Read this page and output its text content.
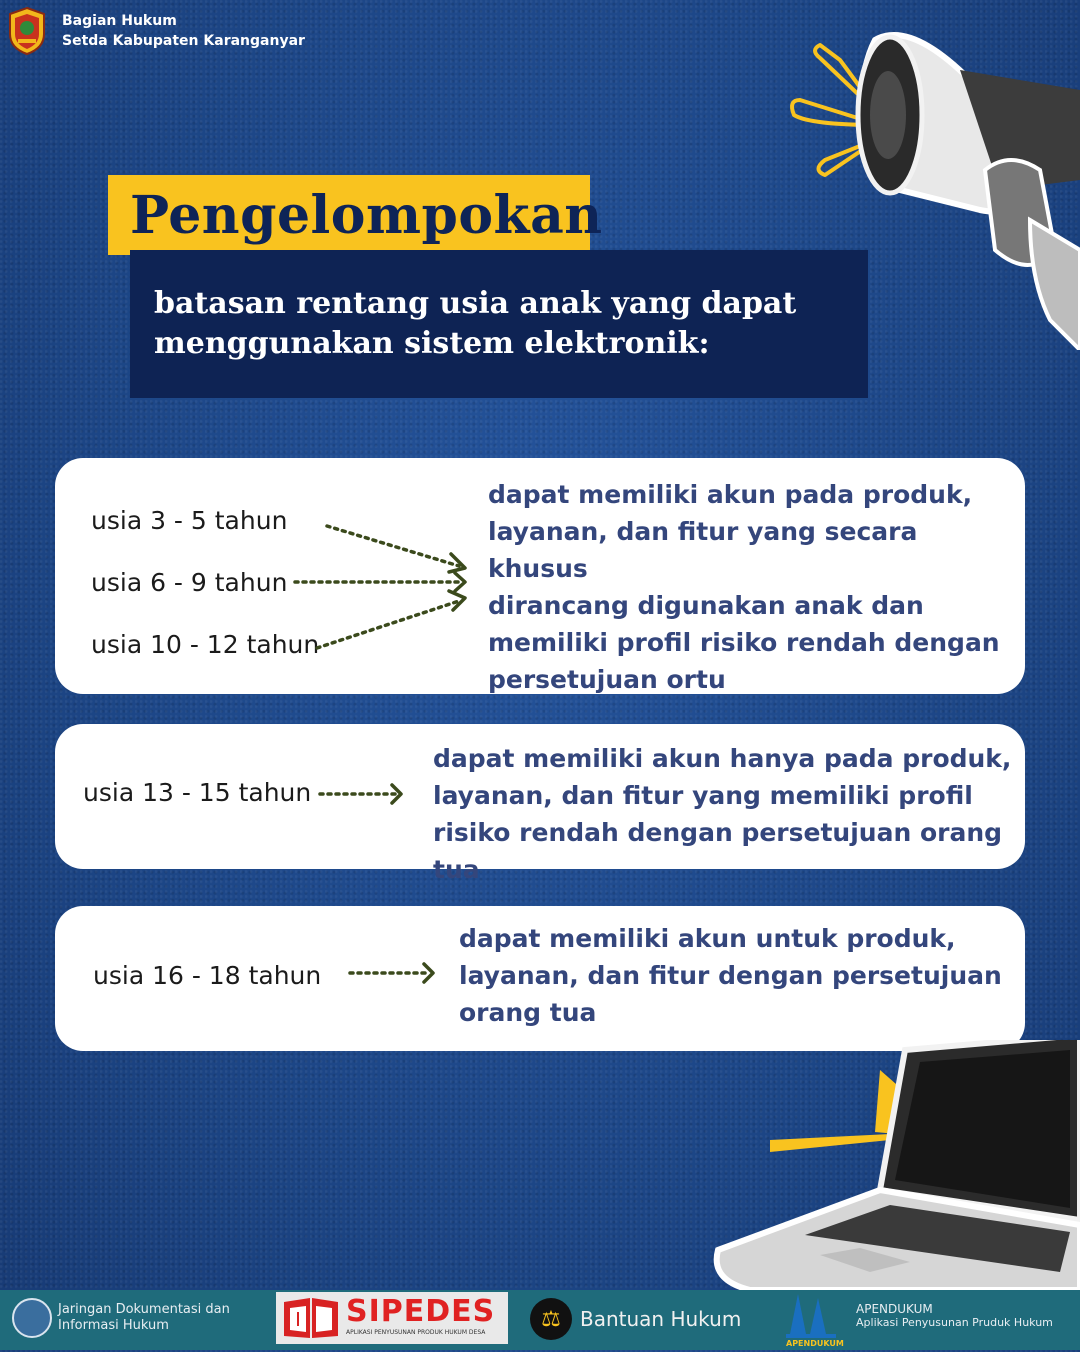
Bagian Hukum
Setda Kabupaten Karanganyar
Pengelompokan
batasan rentang usia anak yang dapat
menggunakan sistem elektronik:
usia 3 - 5 tahun
usia 6 - 9 tahun
usia 10 - 12 tahun
dapat memiliki akun pada produk,
layanan, dan fitur yang secara khusus
dirancang digunakan anak dan
memiliki profil risiko rendah dengan
persetujuan ortu
usia 13 - 15 tahun
dapat memiliki akun hanya pada produk,
layanan, dan fitur yang memiliki profil
risiko rendah dengan persetujuan orang tua
usia 16 - 18 tahun
dapat memiliki akun untuk produk,
layanan, dan fitur dengan persetujuan
orang tua
Jaringan Dokumentasi dan
Informasi Hukum	SIPEDES
APLIKASI PENYUSUNAN PRODUK HUKUM DESA
⚖ Bantuan Hukum
APENDUKUM
APENDUKUM
Aplikasi Penyusunan Pruduk Hukum
